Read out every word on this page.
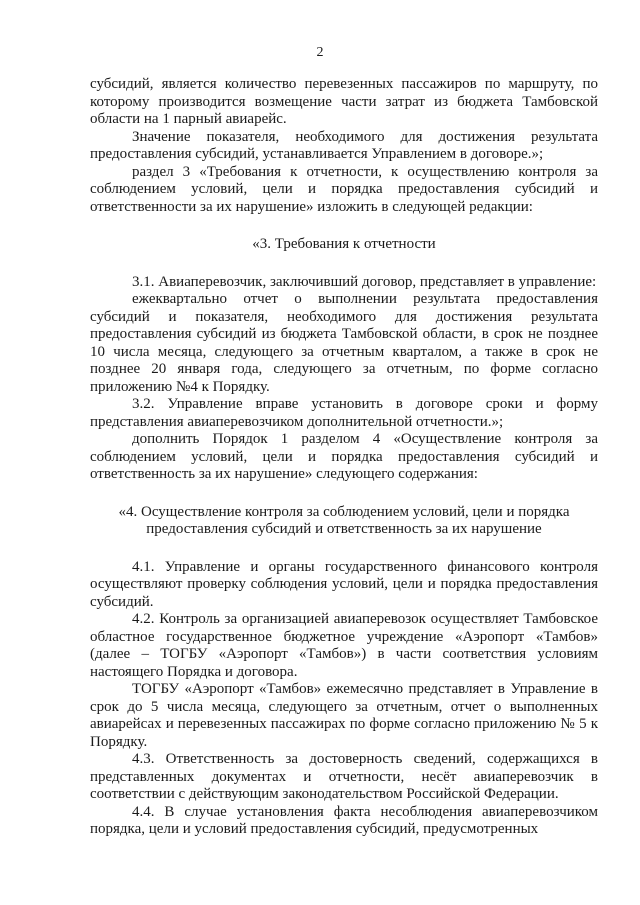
2

субсидий, является количество перевезенных пассажиров по маршруту, по которому производится возмещение части затрат из бюджета Тамбовской области на 1 парный авиарейс.

Значение показателя, необходимого для достижения результата предоставления субсидий, устанавливается Управлением в договоре.»;

раздел 3 «Требования к отчетности, к осуществлению контроля за соблюдением условий, цели и порядка предоставления субсидий и ответственности за их нарушение» изложить в следующей редакции:

«3. Требования к отчетности

3.1. Авиаперевозчик, заключивший договор, представляет в управление:

ежеквартально отчет о выполнении результата предоставления субсидий и показателя, необходимого для достижения результата предоставления субсидий из бюджета Тамбовской области, в срок не позднее 10 числа месяца, следующего за отчетным кварталом, а также в срок не позднее 20 января года, следующего за отчетным, по форме согласно приложению №4 к Порядку.

3.2. Управление вправе установить в договоре сроки и форму представления авиаперевозчиком дополнительной отчетности.»;

дополнить Порядок 1 разделом 4 «Осуществление контроля за соблюдением условий, цели и порядка предоставления субсидий и ответственность за их нарушение» следующего содержания:

«4. Осуществление контроля за соблюдением условий, цели и порядка предоставления субсидий и ответственность за их нарушение

4.1. Управление и органы государственного финансового контроля осуществляют проверку соблюдения условий, цели и порядка предоставления субсидий.

4.2. Контроль за организацией авиаперевозок осуществляет Тамбовское областное государственное бюджетное учреждение «Аэропорт «Тамбов» (далее – ТОГБУ «Аэропорт «Тамбов») в части соответствия условиям настоящего Порядка и договора.

ТОГБУ «Аэропорт «Тамбов» ежемесячно представляет в Управление в срок до 5 числа месяца, следующего за отчетным, отчет о выполненных авиарейсах и перевезенных пассажирах по форме согласно приложению № 5 к Порядку.

4.3. Ответственность за достоверность сведений, содержащихся в представленных документах и отчетности, несёт авиаперевозчик в соответствии с действующим законодательством Российской Федерации.

4.4. В случае установления факта несоблюдения авиаперевозчиком порядка, цели и условий предоставления субсидий, предусмотренных
